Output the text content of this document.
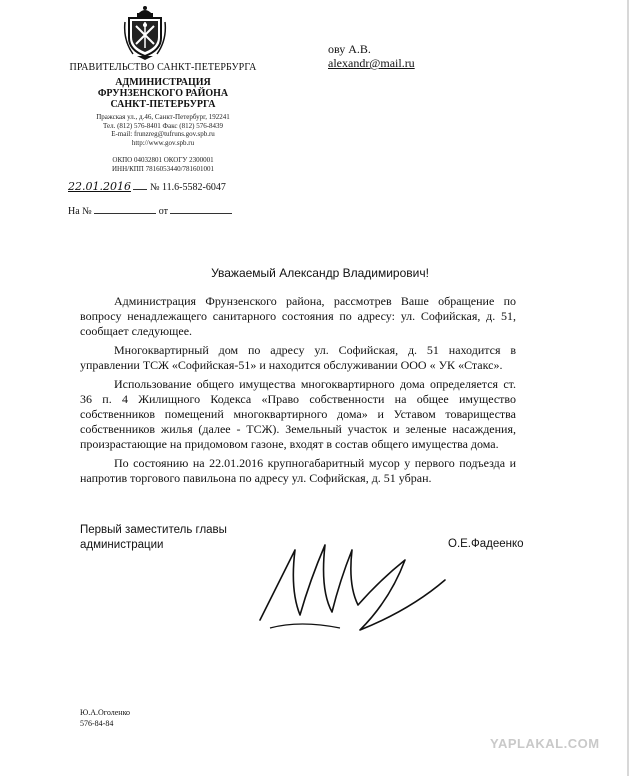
ПРАВИТЕЛЬСТВО САНКТ-ПЕТЕРБУРГА
АДМИНИСТРАЦИЯ
ФРУНЗЕНСКОГО РАЙОНА
САНКТ-ПЕТЕРБУРГА
Пражская ул., д.46, Санкт-Петербург, 192241
Тел. (812) 576-8401 Факс (812) 576-8439
E-mail: frunzreg@tufruns.gov.spb.ru
http://www.gov.spb.ru
ОКПО 04032801 ОКОГУ 2300001
ИНН/КПП 7816053440/781601001
22.01.2016 № 11.6-5582-6047
На №	от
ову А.В.
alexandr@mail.ru
Уважаемый Александр Владимирович!

Администрация Фрунзенского района, рассмотрев Ваше обращение по вопросу ненадлежащего санитарного состояния по адресу: ул. Софийская, д. 51, сообщает следующее.

Многоквартирный дом по адресу ул. Софийская, д. 51 находится в управлении ТСЖ «Софийская-51» и находится обслуживании ООО « УК «Стакс».

Использование общего имущества многоквартирного дома определяется ст. 36 п. 4 Жилищного Кодекса «Право собственности на общее имущество собственников помещений многоквартирного дома» и Уставом товарищества собственников жилья (далее - ТСЖ). Земельный участок и зеленые насаждения, произрастающие на придомовом газоне, входят в состав общего имущества дома.

По состоянию на 22.01.2016 крупногабаритный мусор у первого подъезда и напротив торгового павильона по адресу ул. Софийская, д. 51 убран.

Первый заместитель главы
администрации	О.Е.Фадеенко
Ю.А.Оголенко
576-84-84
YAPLAKAL.COM
